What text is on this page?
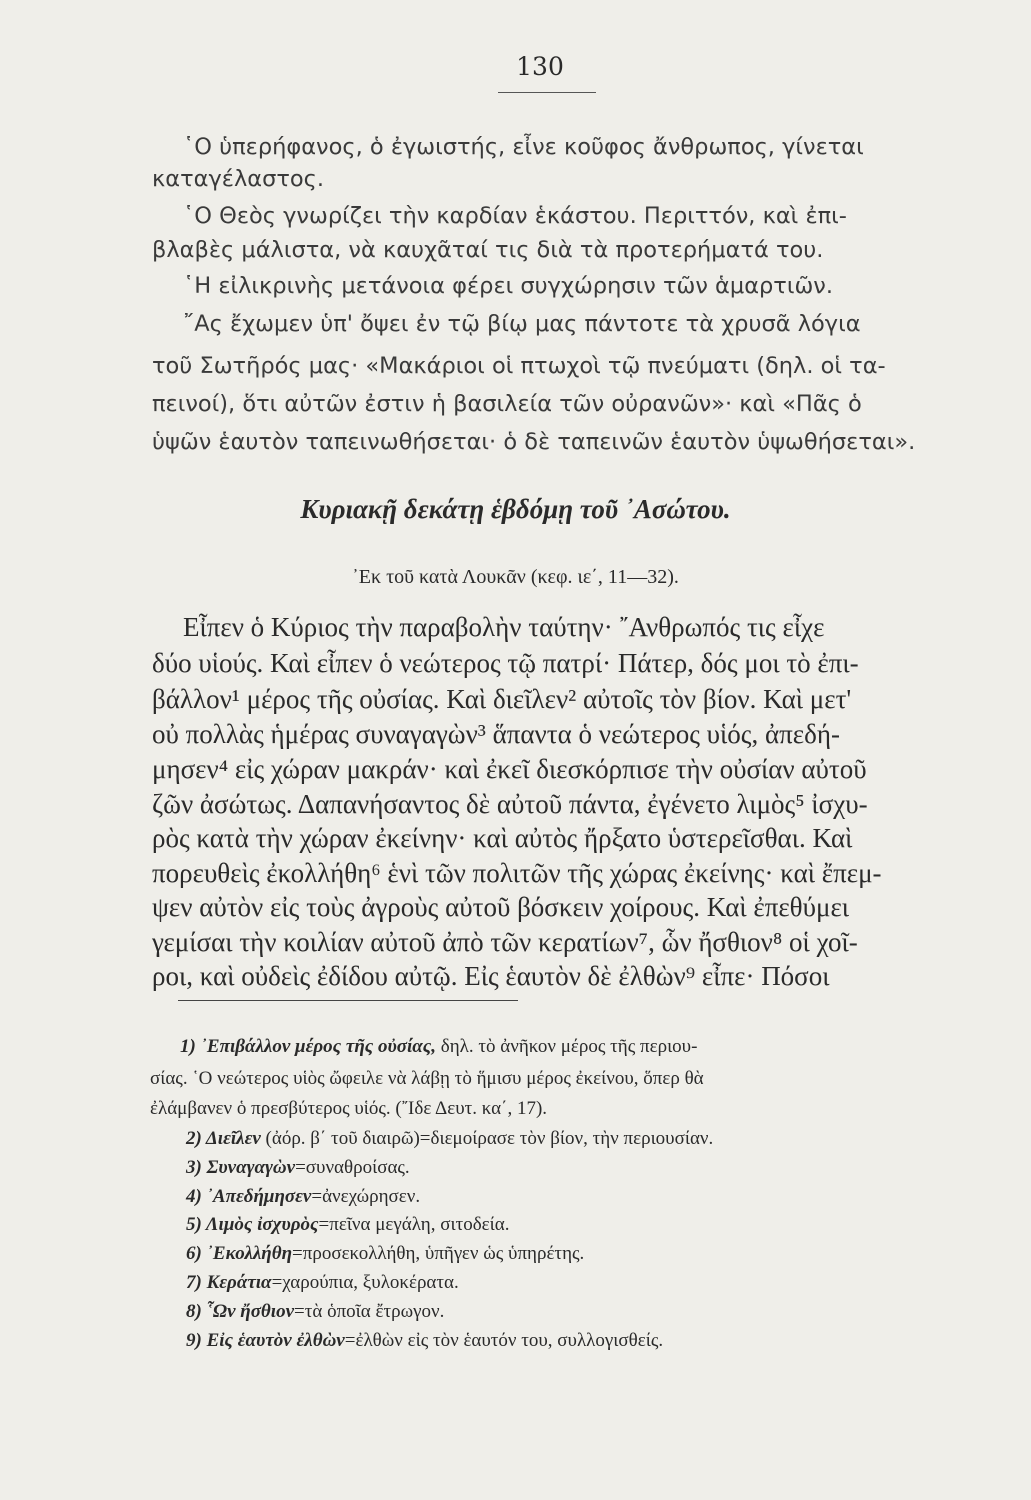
130
῾Ο ὑπερήφανος, ὁ ἐγωιστής, εἶνε κοῦφος ἄνθρωπος, γίνεται
καταγέλαστος.
῾Ο Θεὸς γνωρίζει τὴν καρδίαν ἑκάστου. Περιττόν, καὶ ἐπι-
βλαβὲς μάλιστα, νὰ καυχᾶταί τις διὰ τὰ προτερήματά του.
῾Η εἰλικρινὴς μετάνοια φέρει συγχώρησιν τῶν ἁμαρτιῶν.
῎Ας ἔχωμεν ὑπ' ὄψει ἐν τῷ βίῳ μας πάντοτε τὰ χρυσᾶ λόγια
τοῦ Σωτῆρός μας· «Μακάριοι οἱ πτωχοὶ τῷ πνεύματι (δηλ. οἱ τα-
πεινοί), ὅτι αὐτῶν ἐστιν ἡ βασιλεία τῶν οὐρανῶν»· καὶ «Πᾶς ὁ
ὑψῶν ἑαυτὸν ταπεινωθήσεται· ὁ δὲ ταπεινῶν ἑαυτὸν ὑψωθήσεται».
Κυριακῇ δεκάτῃ ἑβδόμῃ τοῦ ᾿Ασώτου.
᾿Εκ τοῦ κατὰ Λουκᾶν (κεφ. ιε΄, 11—32).
Εἶπεν ὁ Κύριος τὴν παραβολὴν ταύτην· ῎Ανθρωπός τις εἶχε
δύο υἱούς. Καὶ εἶπεν ὁ νεώτερος τῷ πατρί· Πάτερ, δός μοι τὸ ἐπι-
βάλλον¹ μέρος τῆς οὐσίας. Καὶ διεῖλεν² αὐτοῖς τὸν βίον. Καὶ μετ'
οὐ πολλὰς ἡμέρας συναγαγὼν³ ἅπαντα ὁ νεώτερος υἱός, ἀπεδή-
μησεν⁴ εἰς χώραν μακράν· καὶ ἐκεῖ διεσκόρπισε τὴν οὐσίαν αὐτοῦ
ζῶν ἀσώτως. Δαπανήσαντος δὲ αὐτοῦ πάντα, ἐγένετο λιμὸς⁵ ἰσχυ-
ρὸς κατὰ τὴν χώραν ἐκείνην· καὶ αὐτὸς ἤρξατο ὑστερεῖσθαι. Καὶ
πορευθεὶς ἐκολλήθη⁶ ἑνὶ τῶν πολιτῶν τῆς χώρας ἐκείνης· καὶ ἔπεμ-
ψεν αὐτὸν εἰς τοὺς ἀγροὺς αὐτοῦ βόσκειν χοίρους. Καὶ ἐπεθύμει
γεμίσαι τὴν κοιλίαν αὐτοῦ ἀπὸ τῶν κερατίων⁷, ὧν ἤσθιον⁸ οἱ χοῖ-
ροι, καὶ οὐδεὶς ἐδίδου αὐτῷ. Εἰς ἑαυτὸν δὲ ἐλθὼν⁹ εἶπε· Πόσοι
1) ᾿Επιβάλλον μέρος τῆς οὐσίας, δηλ. τὸ ἀνῆκον μέρος τῆς περιου-
σίας. ῾Ο νεώτερος υἱὸς ὤφειλε νὰ λάβῃ τὸ ἥμισυ μέρος ἐκείνου, ὅπερ θὰ
ἐλάμβανεν ὁ πρεσβύτερος υἱός. (῎Ιδε Δευτ. κα΄, 17).
2) Διεῖλεν (ἀόρ. β΄ τοῦ διαιρῶ)=διεμοίρασε τὸν βίον, τὴν περιουσίαν.
3) Συναγαγὼν=συναθροίσας.
4) ᾿Απεδήμησεν=ἀνεχώρησεν.
5) Λιμὸς ἰσχυρὸς=πεῖνα μεγάλη, σιτοδεία.
6) ᾿Εκολλήθη=προσεκολλήθη, ὑπῆγεν ὡς ὑπηρέτης.
7) Κεράτια=χαρούπια, ξυλοκέρατα.
8) ῟Ων ἤσθιον=τὰ ὁποῖα ἔτρωγον.
9) Εἰς ἑαυτὸν ἐλθὼν=ἐλθὼν εἰς τὸν ἑαυτόν του, συλλογισθείς.
